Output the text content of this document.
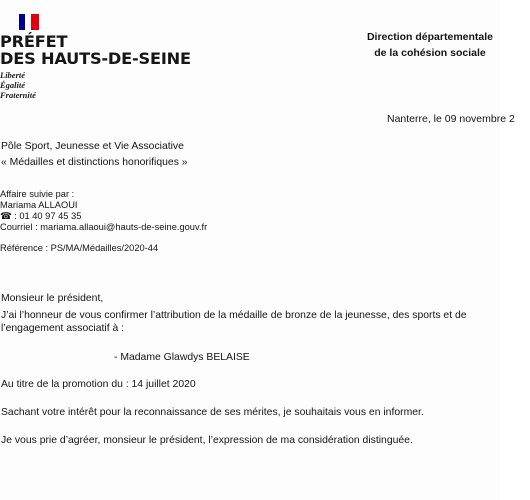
PRÉFET
DES HAUTS-DE-SEINE
Liberté
Égalité
Fraternité
Direction départementale
de la cohésion sociale
Nanterre, le 09 novembre 2
Pôle Sport, Jeunesse et Vie Associative
« Médailles et distinctions honorifiques »
Affaire suivie par :
Mariama ALLAOUI
☎ : 01 40 97 45 35
Courriel : mariama.allaoui@hauts-de-seine.gouv.fr
Référence : PS/MA/Médailles/2020-44
Monsieur le président,
J’ai l’honneur de vous confirmer l’attribution de la médaille de bronze de la jeunesse, des sports et de
l’engagement associatif à :
- Madame Glawdys BELAISE
Au titre de la promotion du : 14 juillet 2020
Sachant votre intérêt pour la reconnaissance de ses mérites, je souhaitais vous en informer.
Je vous prie d’agréer, monsieur le président, l’expression de ma considération distinguée.
